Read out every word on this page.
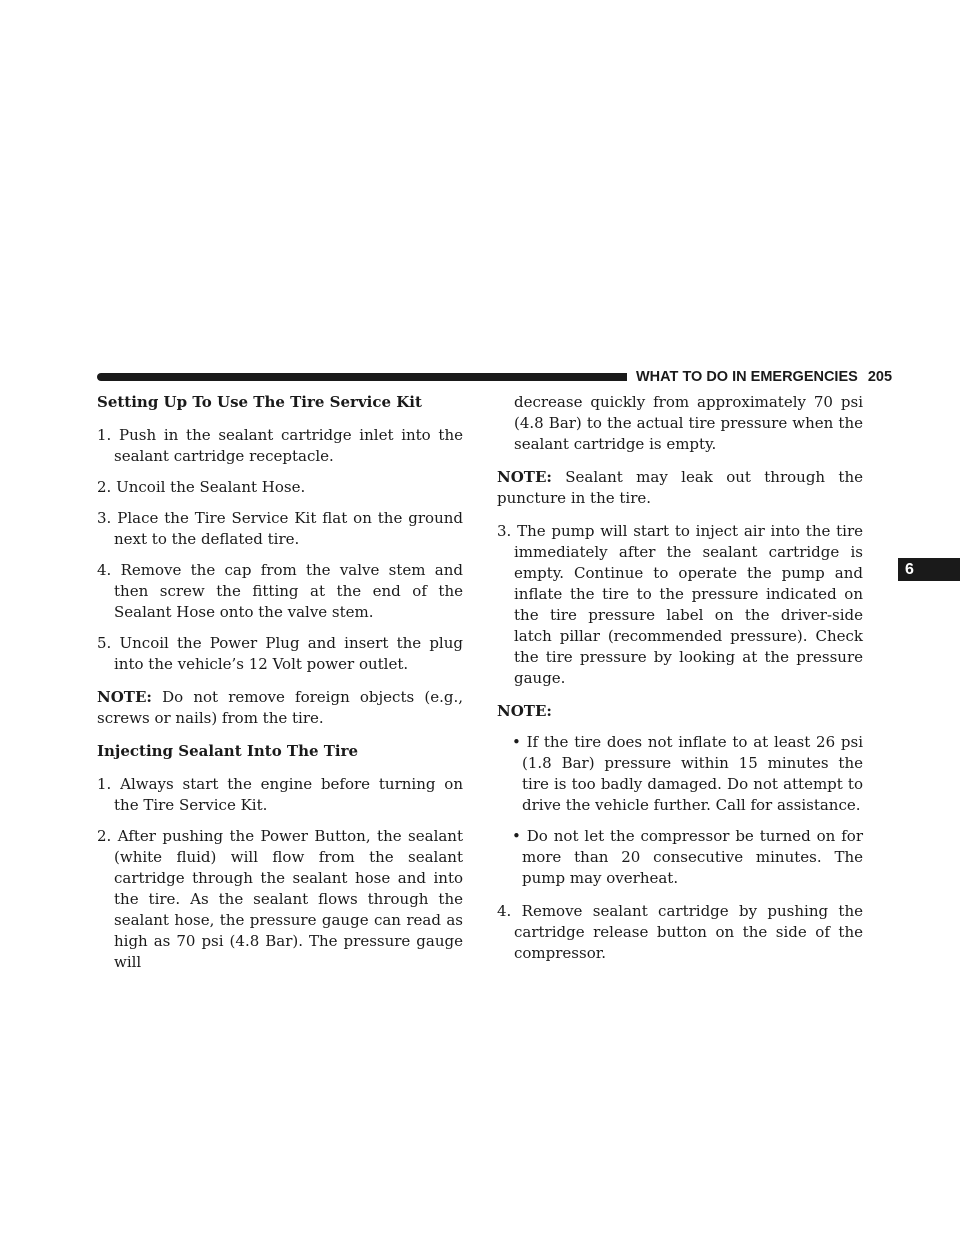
WHAT TO DO IN EMERGENCIES 205
6

Setting Up To Use The Tire Service Kit

1. Push in the sealant cartridge inlet into the sealant cartridge receptacle.

2. Uncoil the Sealant Hose.

3. Place the Tire Service Kit flat on the ground next to the deflated tire.

4. Remove the cap from the valve stem and then screw the fitting at the end of the Sealant Hose onto the valve stem.

5. Uncoil the Power Plug and insert the plug into the vehicle’s 12 Volt power outlet.

NOTE: Do not remove foreign objects (e.g., screws or nails) from the tire.

Injecting Sealant Into The Tire

1. Always start the engine before turning on the Tire Service Kit.

2. After pushing the Power Button, the sealant (white fluid) will flow from the sealant cartridge through the sealant hose and into the tire. As the sealant flows through the sealant hose, the pressure gauge can read as high as 70 psi (4.8 Bar). The pressure gauge will

decrease quickly from approximately 70 psi (4.8 Bar) to the actual tire pressure when the sealant cartridge is empty.

NOTE: Sealant may leak out through the puncture in the tire.

3. The pump will start to inject air into the tire immediately after the sealant cartridge is empty. Continue to operate the pump and inflate the tire to the pressure indicated on the tire pressure label on the driver-side latch pillar (recommended pressure). Check the tire pressure by looking at the pressure gauge.

NOTE:

• If the tire does not inflate to at least 26 psi (1.8 Bar) pressure within 15 minutes the tire is too badly damaged. Do not attempt to drive the vehicle further. Call for assistance.

• Do not let the compressor be turned on for more than 20 consecutive minutes. The pump may overheat.

4. Remove sealant cartridge by pushing the cartridge release button on the side of the compressor.
